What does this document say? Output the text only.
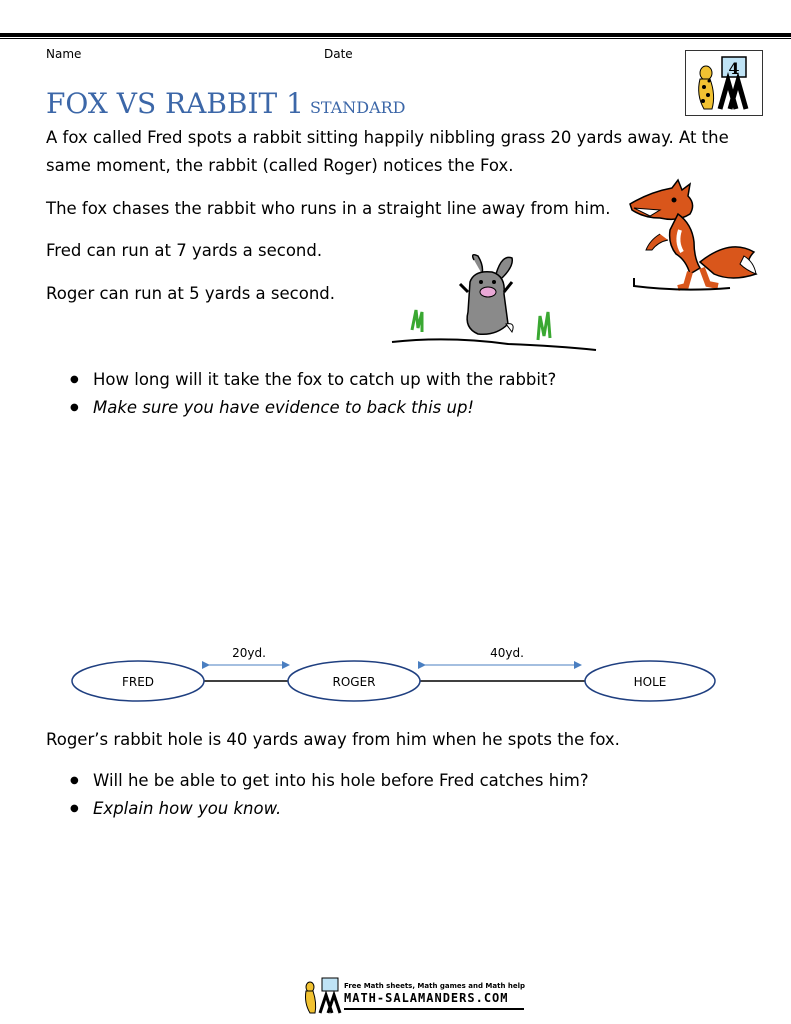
Name	Date
4
FOX VS RABBIT 1 STANDARD
A fox called Fred spots a rabbit sitting happily nibbling grass 20 yards away. At the same moment, the rabbit (called Roger) notices the Fox.
The fox chases the rabbit who runs in a straight line away from him.
Fred can run at 7 yards a second.
Roger can run at 5 yards a second.
● How long will it take the fox to catch up with the rabbit?
● Make sure you have evidence to back this up!
FRED	ROGER	HOLE
20yd.	40yd.
Roger’s rabbit hole is 40 yards away from him when he spots the fox.
● Will he be able to get into his hole before Fred catches him?
● Explain how you know.
Free Math sheets, Math games and Math help
MATH-SALAMANDERS.COM
